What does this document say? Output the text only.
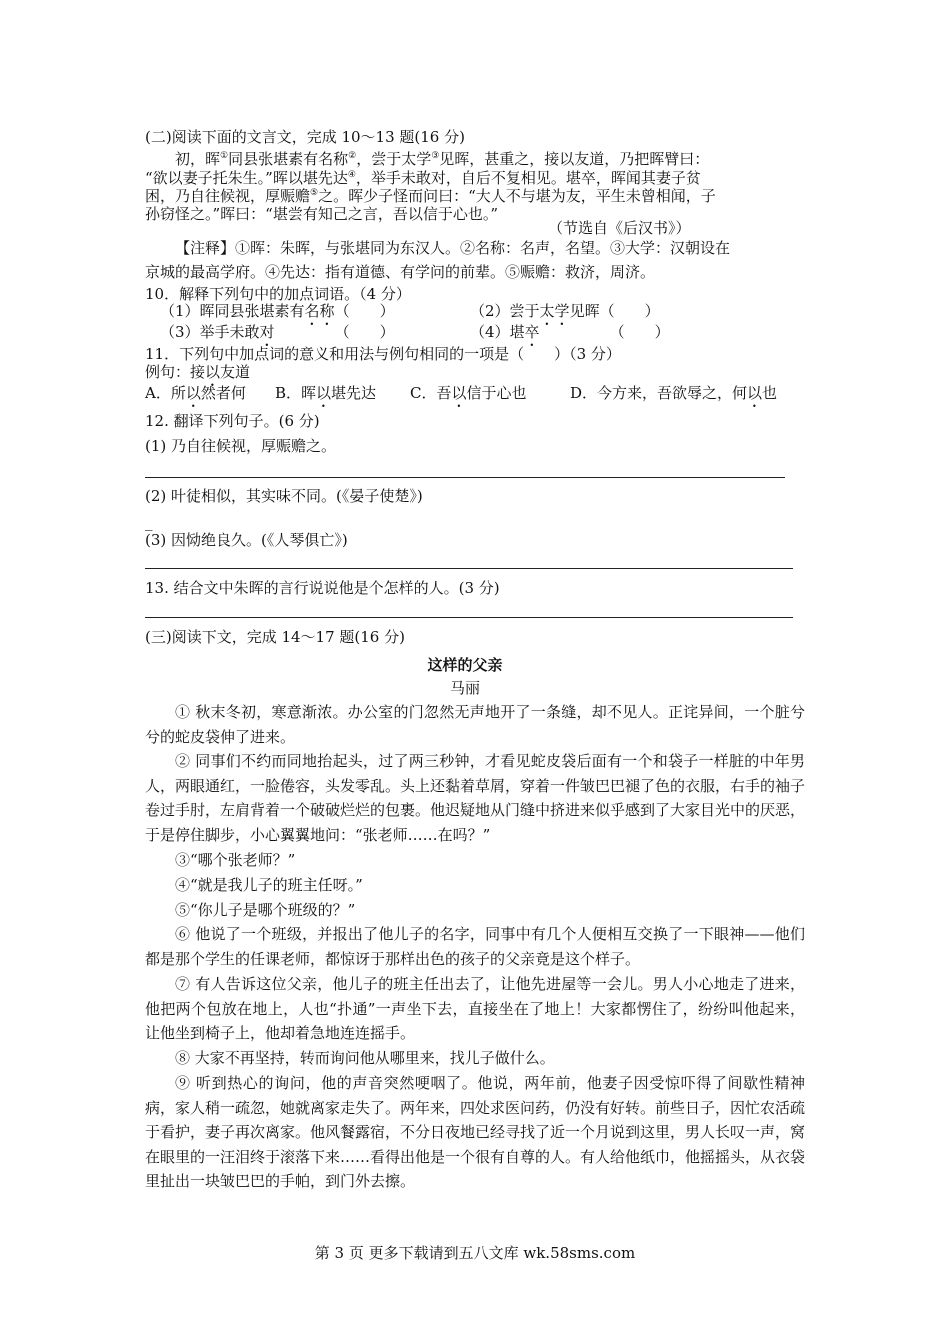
(二)阅读下面的文言文，完成 10～13 题(16 分)
初，晖①同县张堪素有名称②，尝于太学③见晖，甚重之，接以友道，乃把晖臂曰：
“欲以妻子托朱生。”晖以堪先达④，举手未敢对，自后不复相见。堪卒，晖闻其妻子贫
困，乃自往候视，厚赈赡⑤之。晖少子怪而问曰：“大人不与堪为友，平生未曾相闻，子
孙窃怪之。”晖曰：“堪尝有知己之言，吾以信于心也。”
（节选自《后汉书》）
【注释】①晖：朱晖，与张堪同为东汉人。②名称：名声，名望。③大学：汉朝设在
京城的最高学府。④先达：指有道德、有学问的前辈。⑤赈赡：救济，周济。
10．解释下列句中的加点词语。（4 分）
（1）晖同县张堪素有名称（　　）	（2）尝于太学见晖（　　）
（3）举手未敢对	（　　）	（4）堪卒	（　　）
11．下列句中加点词的意义和用法与例句相同的一项是（　　）（3 分）
例句：接以友道
A．所以然者何 B．晖以堪先达 C．吾以信于心也	D．今方来，吾欲辱之，何以也
12. 翻译下列句子。(6 分)
(1) 乃自往候视，厚赈赡之。
(2) 叶徒相似，其实味不同。(《晏子使楚》)
_
(3) 因恸绝良久。(《人琴俱亡》)
13. 结合文中朱晖的言行说说他是个怎样的人。(3 分)
(三)阅读下文，完成 14～17 题(16 分)
这样的父亲
马丽
① 秋末冬初，寒意渐浓。办公室的门忽然无声地开了一条缝，却不见人。正诧异间，一个脏兮兮的蛇皮袋伸了进来。
② 同事们不约而同地抬起头，过了两三秒钟，才看见蛇皮袋后面有一个和袋子一样脏的中年男人，两眼通红，一脸倦容，头发零乱。头上还黏着草屑，穿着一件皱巴巴褪了色的衣服，右手的袖子卷过手肘，左肩背着一个破破烂烂的包裹。他迟疑地从门缝中挤进来似乎感到了大家目光中的厌恶，于是停住脚步，小心翼翼地问：“张老师……在吗？”
③“哪个张老师？”
④“就是我儿子的班主任呀。”
⑤“你儿子是哪个班级的？”
⑥ 他说了一个班级，并报出了他儿子的名字，同事中有几个人便相互交换了一下眼神——他们都是那个学生的任课老师，都惊讶于那样出色的孩子的父亲竟是这个样子。
⑦ 有人告诉这位父亲，他儿子的班主任出去了，让他先进屋等一会儿。男人小心地走了进来，他把两个包放在地上，人也“扑通”一声坐下去，直接坐在了地上！大家都愣住了，纷纷叫他起来，让他坐到椅子上，他却着急地连连摇手。
⑧ 大家不再坚持，转而询问他从哪里来，找儿子做什么。
⑨ 听到热心的询问，他的声音突然哽咽了。他说，两年前，他妻子因受惊吓得了间歇性精神病，家人稍一疏忽，她就离家走失了。两年来，四处求医问药，仍没有好转。前些日子，因忙农活疏于看护，妻子再次离家。他风餐露宿，不分日夜地已经寻找了近一个月说到这里，男人长叹一声，窝在眼里的一汪泪终于滚落下来……看得出他是一个很有自尊的人。有人给他纸巾，他摇摇头，从衣袋里扯出一块皱巴巴的手帕，到门外去擦。
第 3 页 更多下载请到五八文库 wk.58sms.com
